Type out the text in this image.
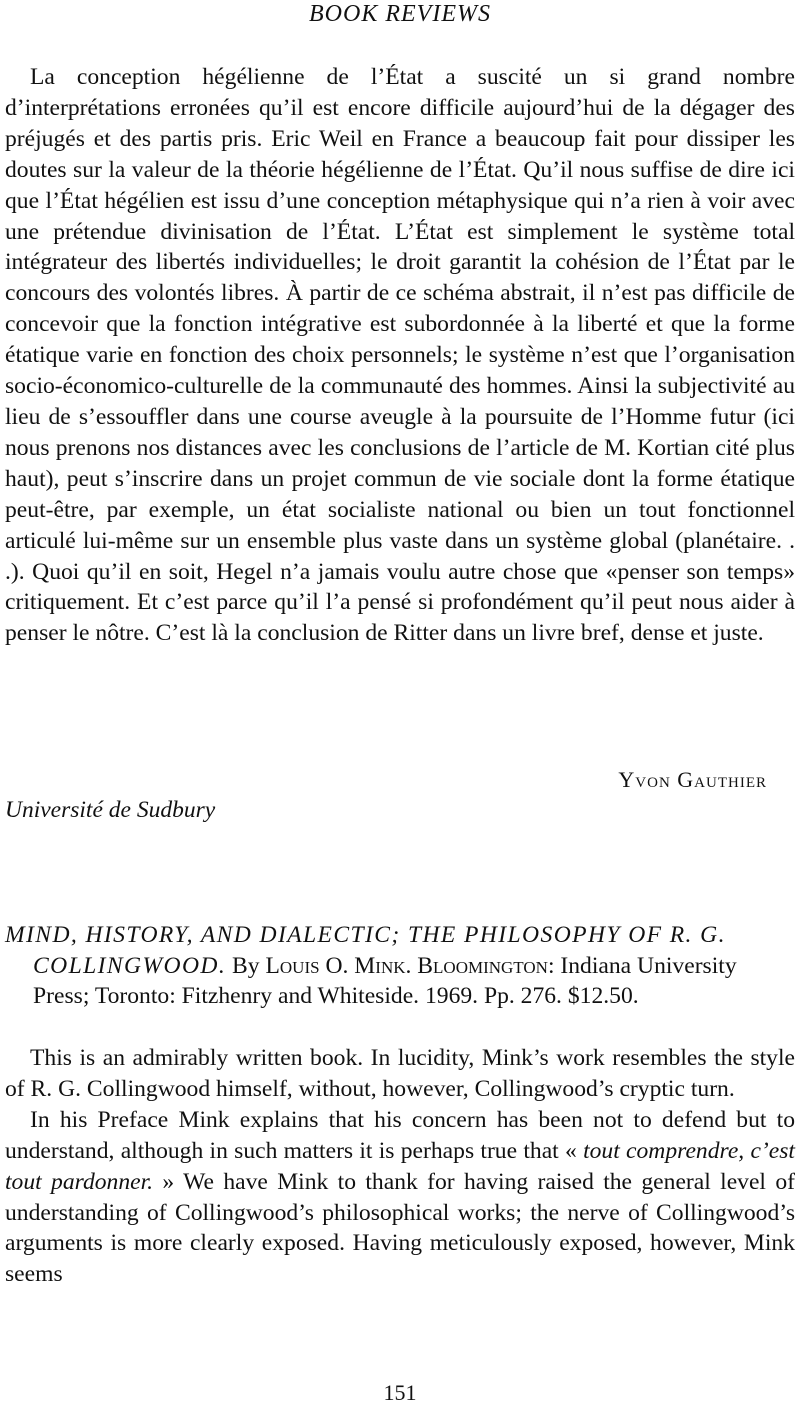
BOOK REVIEWS

La conception hégélienne de l’État a suscité un si grand nombre d’interprétations erronées qu’il est encore difficile aujourd’hui de la dégager des préjugés et des partis pris. Eric Weil en France a beaucoup fait pour dissiper les doutes sur la valeur de la théorie hégélienne de l’État. Qu’il nous suffise de dire ici que l’État hégélien est issu d’une conception métaphysique qui n’a rien à voir avec une prétendue divinisation de l’État. L’État est simplement le système total intégrateur des libertés individuelles; le droit garantit la cohésion de l’État par le concours des volontés libres. À partir de ce schéma abstrait, il n’est pas difficile de concevoir que la fonction intégrative est subordonnée à la liberté et que la forme étatique varie en fonction des choix personnels; le système n’est que l’organisation socio-économico-culturelle de la communauté des hommes. Ainsi la subjectivité au lieu de s’essouffler dans une course aveugle à la poursuite de l’Homme futur (ici nous prenons nos distances avec les conclusions de l’article de M. Kortian cité plus haut), peut s’inscrire dans un projet commun de vie sociale dont la forme étatique peut-être, par exemple, un état socialiste national ou bien un tout fonctionnel articulé lui-même sur un ensemble plus vaste dans un système global (planétaire. . .). Quoi qu’il en soit, Hegel n’a jamais voulu autre chose que «penser son temps» critiquement. Et c’est parce qu’il l’a pensé si profondément qu’il peut nous aider à penser le nôtre. C’est là la conclusion de Ritter dans un livre bref, dense et juste.

Yvon Gauthier
Université de Sudbury
MIND, HISTORY, AND DIALECTIC; THE PHILOSOPHY OF R. G. COLLINGWOOD. By Louis O. Mink. Bloomington: Indiana University Press; Toronto: Fitzhenry and Whiteside. 1969. Pp. 276. $12.50.

This is an admirably written book. In lucidity, Mink’s work resembles the style of R. G. Collingwood himself, without, however, Collingwood’s cryptic turn.

In his Preface Mink explains that his concern has been not to defend but to understand, although in such matters it is perhaps true that « tout comprendre, c’est tout pardonner. » We have Mink to thank for having raised the general level of understanding of Collingwood’s philosophical works; the nerve of Collingwood’s arguments is more clearly exposed. Having meticulously exposed, however, Mink seems

151
